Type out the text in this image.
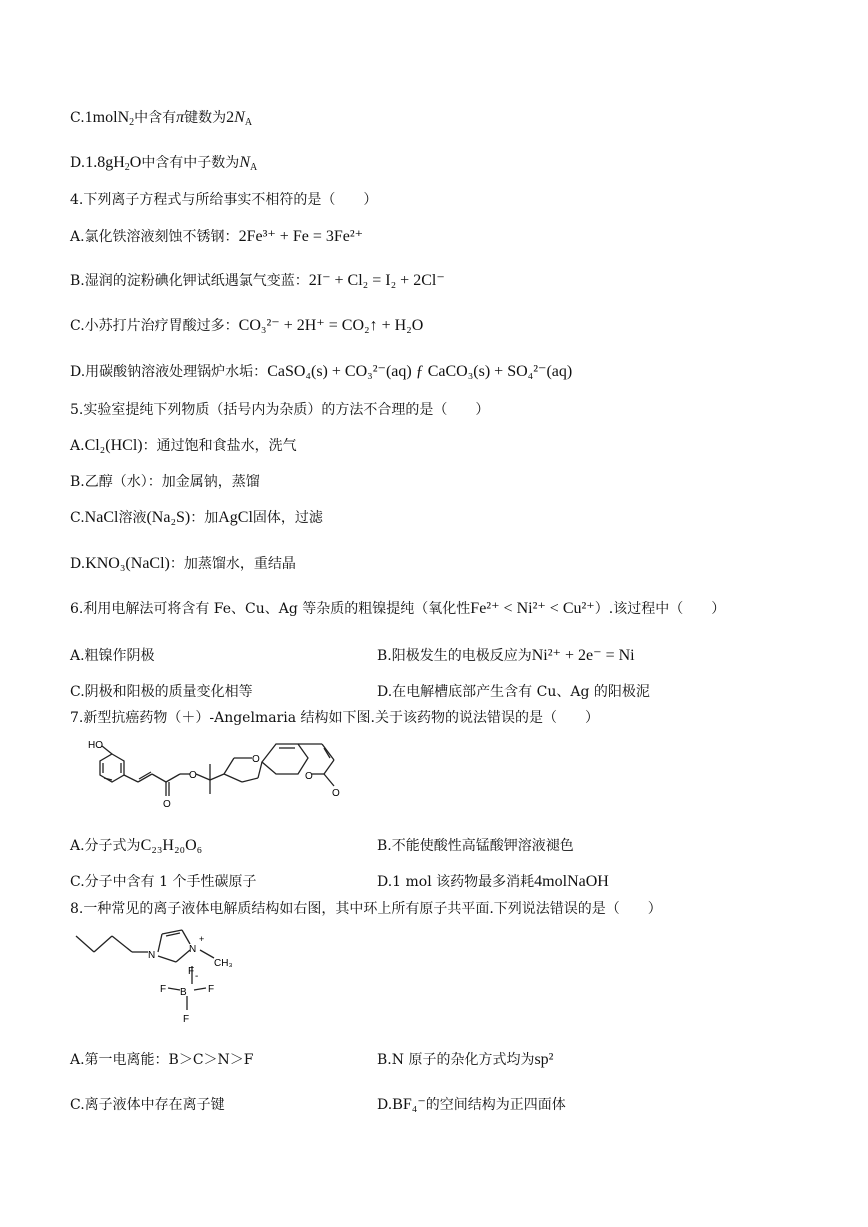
C.1molN$_2$中含有π键数为$2N_A$
$D.1.8gH_2O$中含有中子数为$N_A$
4.下列离子方程式与所给事实不相符的是（　　）
A.氯化铁溶液刻蚀不锈钢：2Fe³⁺ + Fe = 3Fe²⁺
B.湿润的淀粉碘化钾试纸遇氯气变蓝：2I⁻ + Cl₂ = I₂ + 2Cl⁻
C.小苏打片治疗胃酸过多：CO₃²⁻ + 2H⁺ = CO₂↑ + H₂O
D.用碳酸钠溶液处理锅炉水垢：CaSO₄(s) + CO₃²⁻(aq) ƒ CaCO₃(s) + SO₄²⁻(aq)
5.实验室提纯下列物质（括号内为杂质）的方法不合理的是（　　）
A.Cl₂(HCl)：通过饱和食盐水，洗气
B.乙醇（水）：加金属钠，蒸馏
C.NaCl溶液(Na₂S)：加AgCl固体，过滤
D.KNO₃(NaCl)：加蒸馏水，重结晶
6.利用电解法可将含有 Fe、Cu、Ag 等杂质的粗镍提纯（氧化性Fe²⁺ < Ni²⁺ < Cu²⁺）.该过程中（　　）
A.粗镍作阴极	B.阳极发生的电极反应为Ni²⁺ + 2e⁻ = Ni
C.阴极和阳极的质量变化相等	D.在电解槽底部产生含有 Cu、Ag 的阳极泥
7.新型抗癌药物（＋）-Angelmaria 结构如下图.关于该药物的说法错误的是（　　）
HO
O
O
O
O
O
A.分子式为C₂₃H₂₀O₆	B.不能使酸性高锰酸钾溶液褪色
C.分子中含有 1 个手性碳原子	D.1 mol 该药物最多消耗4molNaOH
8.一种常见的离子液体电解质结构如右图，其中环上所有原子共平面.下列说法错误的是（　　）
N
N
+
CH₃
B
-
F
F	F
F
A.第一电离能：B＞C＞N＞F	B.N 原子的杂化方式均为sp²
C.离子液体中存在离子键	D.BF₄⁻的空间结构为正四面体
